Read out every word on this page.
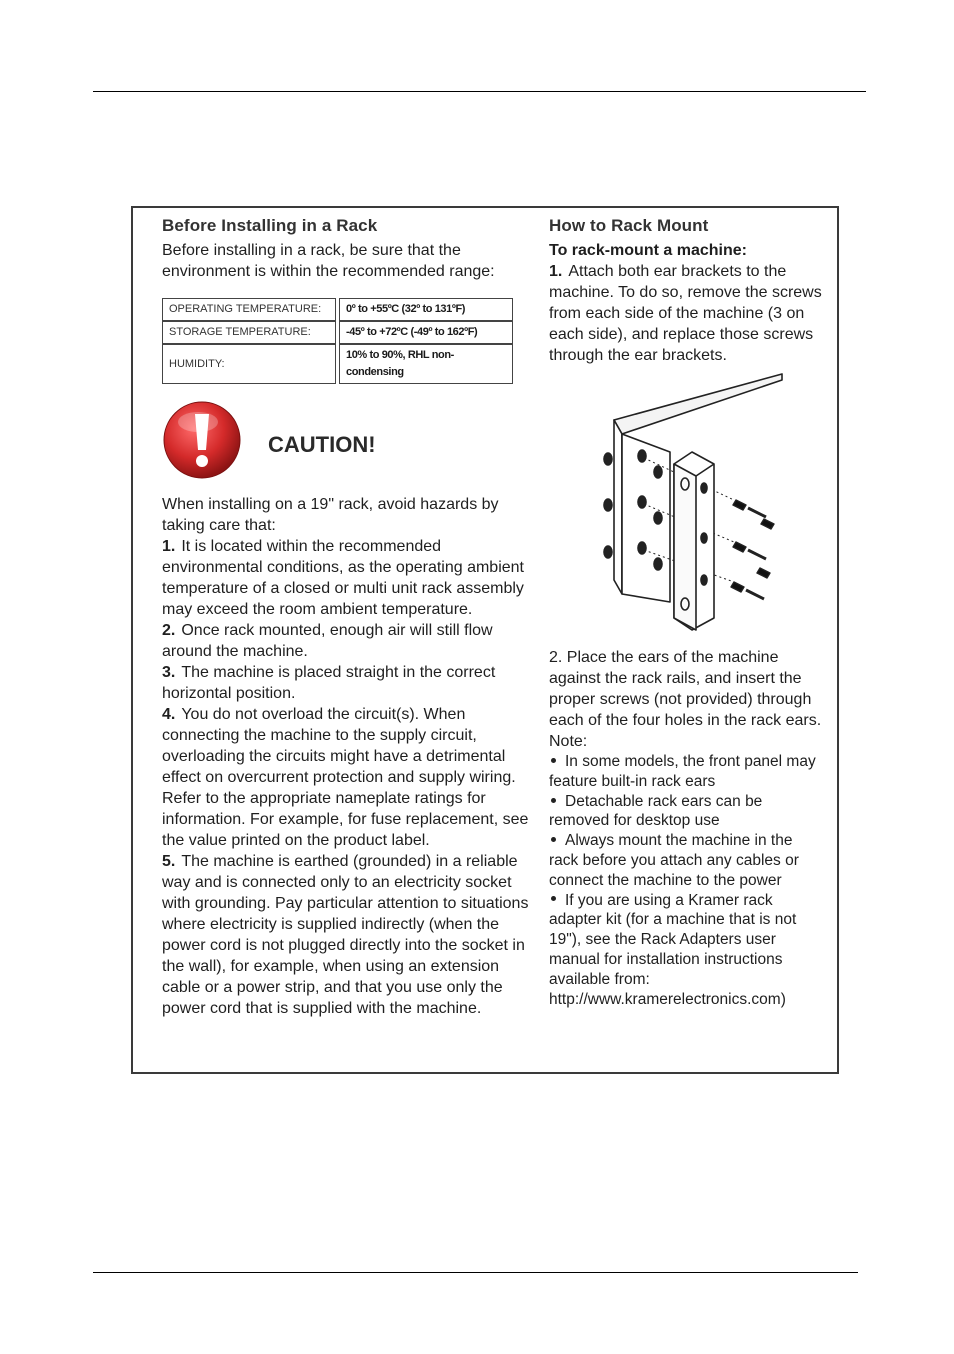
Before Installing in a Rack
Before installing in a rack, be sure that the environment is within the recommended range:
OPERATING TEMPERATURE:	0º to +55ºC (32º to 131ºF)
STORAGE TEMPERATURE:	-45º to +72ºC (-49º to 162ºF)
HUMIDITY:	10% to 90%, RHL non-condensing
CAUTION!
When installing on a 19" rack, avoid hazards by taking care that:
1. It is located within the recommended environmental conditions, as the operating ambient temperature of a closed or multi unit rack assembly may exceed the room ambient temperature.
2. Once rack mounted, enough air will still flow around the machine.
3. The machine is placed straight in the correct horizontal position.
4. You do not overload the circuit(s). When connecting the machine to the supply circuit, overloading the circuits might have a detrimental effect on overcurrent protection and supply wiring. Refer to the appropriate nameplate ratings for information. For example, for fuse replacement, see the value printed on the product label.
5. The machine is earthed (grounded) in a reliable way and is connected only to an electricity socket with grounding. Pay particular attention to situations where electricity is supplied indirectly (when the power cord is not plugged directly into the socket in the wall), for example, when using an extension cable or a power strip, and that you use only the power cord that is supplied with the machine.
How to Rack Mount
To rack-mount a machine:
1. Attach both ear brackets to the machine. To do so, remove the screws from each side of the machine (3 on each side), and replace those screws through the ear brackets.
2. Place the ears of the machine against the rack rails, and insert the proper screws (not provided) through each of the four holes in the rack ears.
Note:
In some models, the front panel may feature built-in rack ears
Detachable rack ears can be removed for desktop use
Always mount the machine in the rack before you attach any cables or connect the machine to the power
If you are using a Kramer rack adapter kit (for a machine that is not 19"), see the Rack Adapters user manual for installation instructions available from:
http://www.kramerelectronics.com)
